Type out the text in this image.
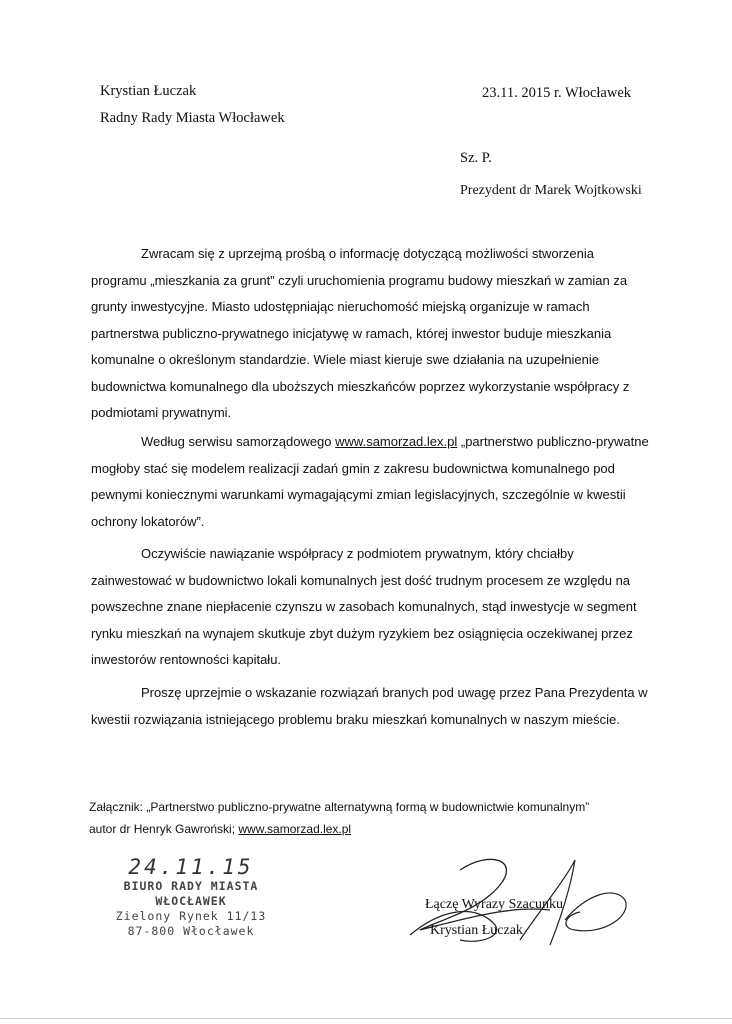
Krystian Łuczak
Radny Rady Miasta Włocławek
23.11. 2015 r. Włocławek
Sz. P.
Prezydent dr Marek Wojtkowski

Zwracam się z uprzejmą prośbą o informację dotyczącą możliwości stworzenia programu „mieszkania za grunt” czyli uruchomienia programu budowy mieszkań w zamian za grunty inwestycyjne. Miasto udostępniając nieruchomość miejską organizuje w ramach partnerstwa publiczno-prywatnego inicjatywę w ramach, której inwestor buduje mieszkania komunalne o określonym standardzie. Wiele miast kieruje swe działania na uzupełnienie budownictwa komunalnego dla uboższych mieszkańców poprzez wykorzystanie współpracy z podmiotami prywatnymi.

Według serwisu samorządowego www.samorzad.lex.pl „partnerstwo publiczno-prywatne mogłoby stać się modelem realizacji zadań gmin z zakresu budownictwa komunalnego pod pewnymi koniecznymi warunkami wymagającymi zmian legislacyjnych, szczególnie w kwestii ochrony lokatorów”.

Oczywiście nawiązanie współpracy z podmiotem prywatnym, który chciałby zainwestować w budownictwo lokali komunalnych jest dość trudnym procesem ze względu na powszechne znane niepłacenie czynszu w zasobach komunalnych, stąd inwestycje w segment rynku mieszkań na wynajem skutkuje zbyt dużym ryzykiem bez osiągnięcia oczekiwanej przez inwestorów rentowności kapitału.

Proszę uprzejmie o wskazanie rozwiązań branych pod uwagę przez Pana Prezydenta w kwestii rozwiązania istniejącego problemu braku mieszkań komunalnych w naszym mieście.

Załącznik: „Partnerstwo publiczno-prywatne alternatywną formą w budownictwie komunalnym”
autor dr Henryk Gawroński; www.samorzad.lex.pl
24.11.15
BIURO RADY MIASTA WŁOCŁAWEK
Zielony Rynek 11/13
87-800 Włocławek
Łączę Wyrazy Szacunku
Krystian Łuczak
